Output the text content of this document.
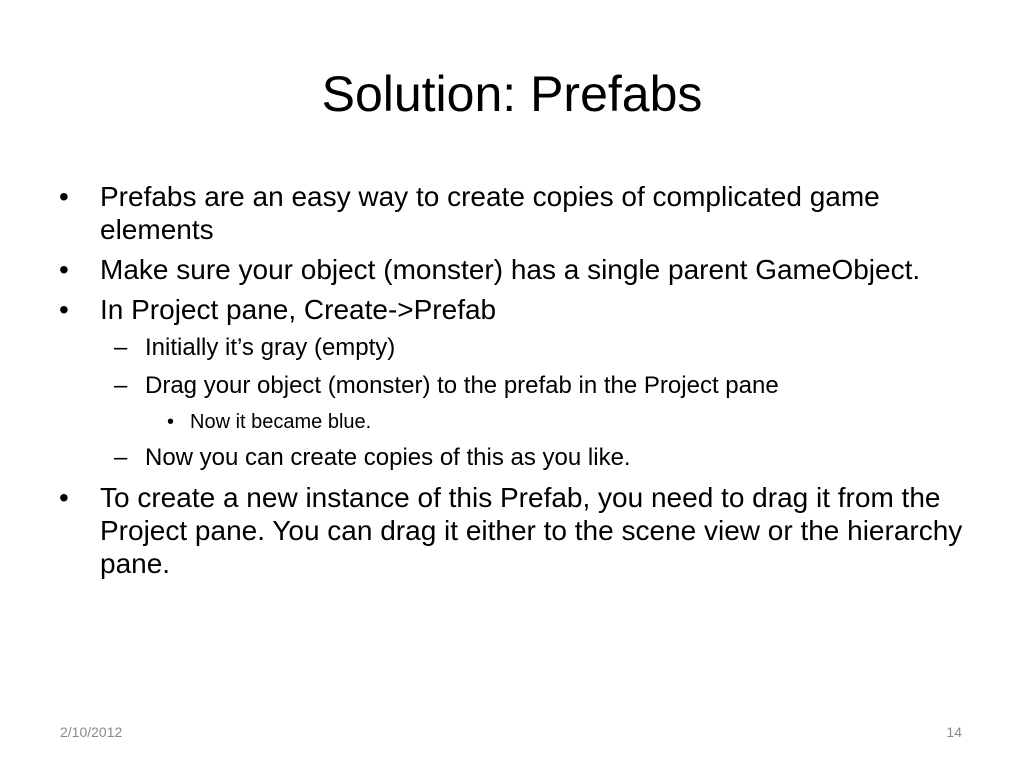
Solution: Prefabs
• Prefabs are an easy way to create copies of complicated game elements
• Make sure your object (monster) has a single parent GameObject.
• In Project pane, Create->Prefab
– Initially it’s gray (empty)
– Drag your object (monster) to the prefab in the Project pane
• Now it became blue.
– Now you can create copies of this as you like.
• To create a new instance of this Prefab, you need to drag it from the Project pane. You can drag it either to the scene view or the hierarchy pane.
2/10/2012	14
